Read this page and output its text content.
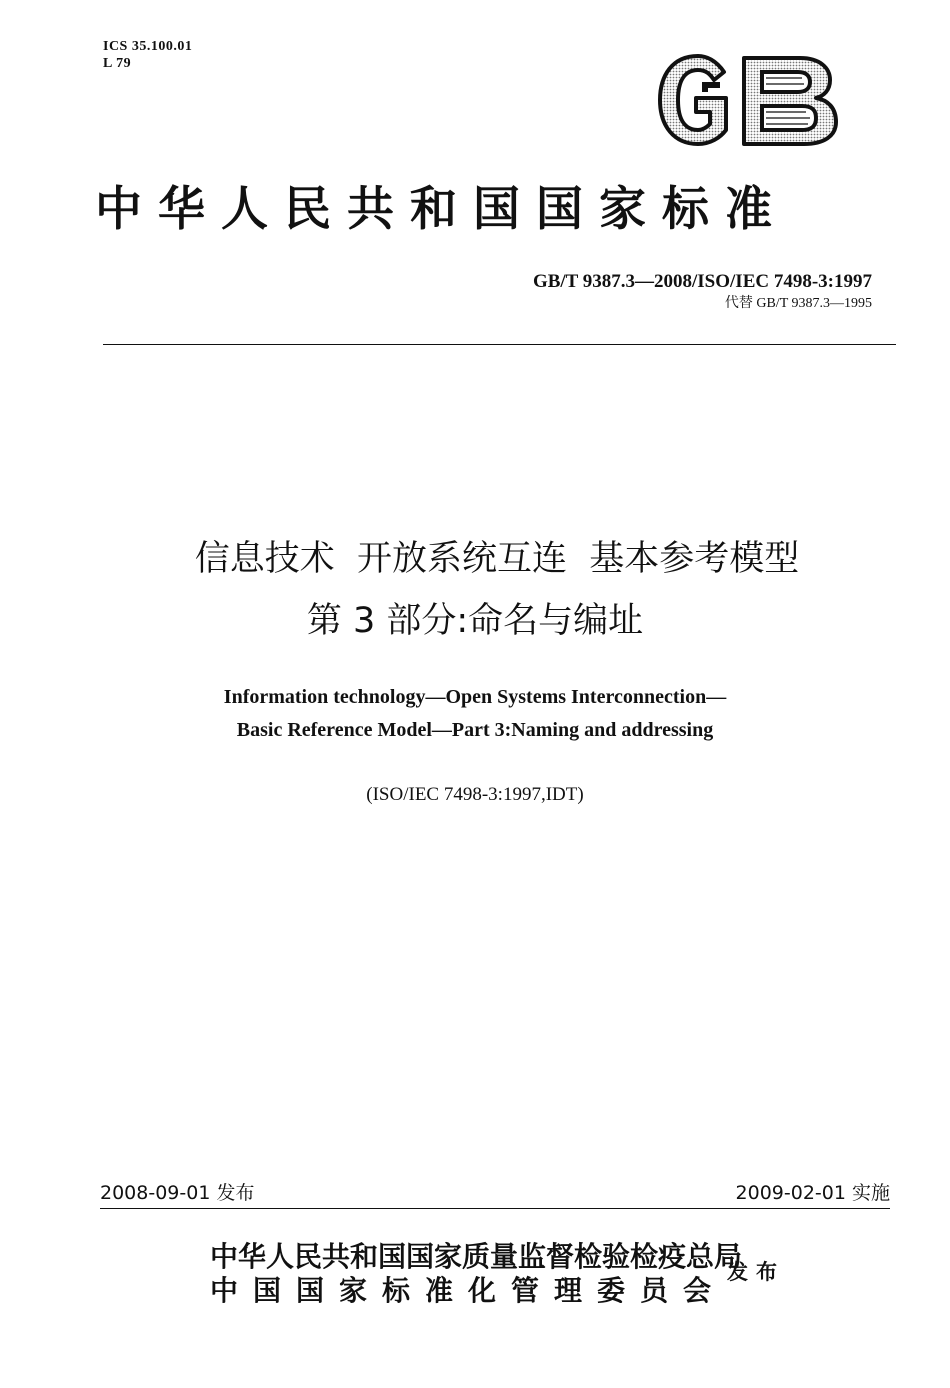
ICS 35.100.01
L 79
中华人民共和国国家标准
GB/T 9387.3—2008/ISO/IEC 7498-3:1997
代替 GB/T 9387.3—1995
信息技术  开放系统互连  基本参考模型
第 3 部分:命名与编址
Information technology—Open Systems Interconnection—
Basic Reference Model—Part 3:Naming and addressing
(ISO/IEC 7498-3:1997,IDT)
2008-09-01 发布	2009-02-01 实施
中华人民共和国国家质量监督检验检疫总局
中国国家标准化管理委员会
发布
